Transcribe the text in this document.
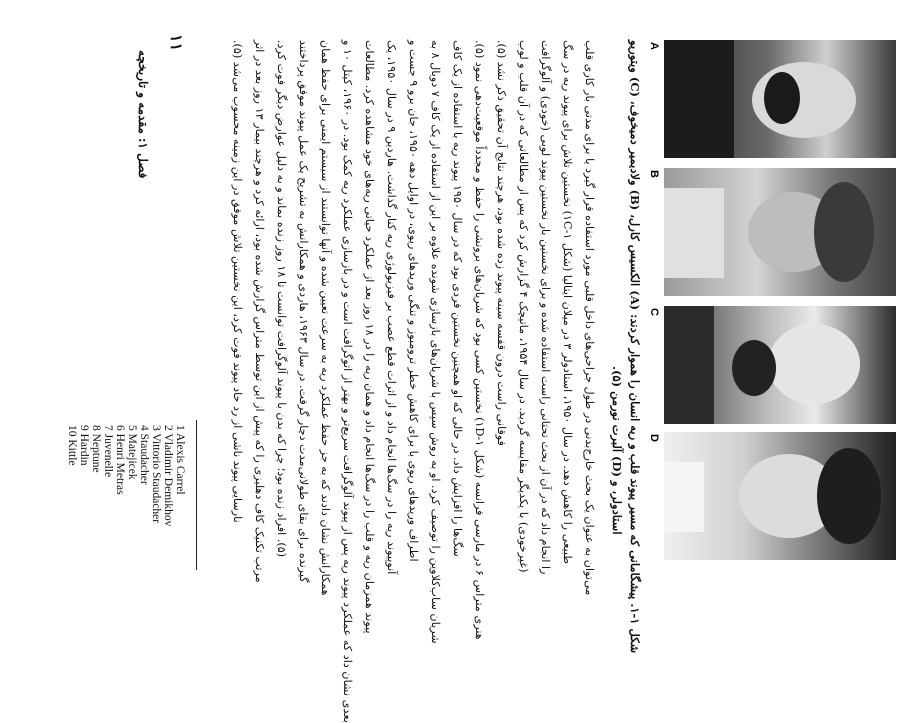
۱۱
فصل ۱: مقدمه و تاریخچه
A
B
C
D
شکل ۱-۱. پیشگامانی که مسیر پیوند قلب و ریه انسان را هموار کردند: (A) الکسیس کارل، (B) ولادیمیر دمیخوف، (C) ویتوریو
استادولر، و (D) آلبرت نورمن (۵).
می‌توان به عنوان یک بحث خارج‌بدنی در طول جراحی‌های داخل قلبی مورد استفاده قرار گیرد یا برای مدتی بار کاری قلب
طبیعی را کاهش دهد. در سال ۱۹۵۰، استادولر ۳ در میلان ایتالیا (شکل ۱-۱C) نخستین تلاش برای پیوند ریه در سگ
را انجام داد که در آن از بحث تحتانی راست استفاده شده و برای نخستین بار نخستین پیوند لوبی (خودی) و آلوگرافت
(غیرخودی) با یکدیگر مقایسه گردید. در سال ۱۹۵۴، ماتیچک ۴ گزارش کرد که پس از مطالعاتی که در آن قلب و لوب
فوقانی راست درون قفسه سینه پیوند زده شده بود، هرچند نتایج آن تحقیق ذکر نشد (۵).
هنری متراس ۶ در مارسی فرانسه (شکل ۱-۱D) نخستین کسی بود که شریان‌های برونشی را حفظ و مجدداً موقعیت‌دهی نمود (۵).
سگ‌ها را افزایش داد. در حالی که او همچنین نخستین فردی بود که در سال ۱۹۵۰ پیوند ریه با استفاده از یک کاف
شریان ساب‌کلاوین را توصیف کرد. او به روش سپس با شریان‌های بازسازی شونده علاوه بر این از استفاده از یک کاف ۷ دوبال ۸ به
اطراف وریدهای ریوی با برای کاهش خطر ترومبوز و تنگی وریدهای ریوی، در اوایل دهه ۱۹۵۰، جان برو ۹ جست و
آنوپیوند ریه را در سگ‌ها انجام داد و از اثرات قطع عصب بر فیزیولوژی ریه کنار گذاشت. هاردین ۹ در سال ۱۹۵۰، یک
پیوند همزمان ریه و قلب را در سگ‌ها انجام داد و همان ریه را در ۱۸ روز بعد از عملکرد حیاتی ریه‌های خود مشاهده کرد. مطالعات
بعدی نشان داد که عملکرد پیوند ریه پس از پیوند آلوگرافت سریع‌تر و بهتر از اتوگرافت است و در بازسازی عملکرد ریه کمک بود. در ۱۹۶۰، کیتل ۱۰ و
همکارانش نشان دادند که به جز حفظ عملکرد ریه به سرعت تعیین شده و آنها توانستند از سیستم ایمنی برای حفظ همان
گیرنده برای بقای طولانی‌مدت دچار گرفت. در سال ۱۹۶۳، هاردی و همکارانش به تشریح یک عمل پیوند موفق پرداختند
(۵). افراد زنده بود؛ چرا که بدن با پیوند آلوگرافت توانست تا ۱۸ روز زنده بماند و به دلیل عوارض دیگر فوت کرد.
مرتب تکنیک کاف دهلیزی را که پیش از این توسط متراس گزارش شده بود، ارائه کرد و هرچند بیمار ۱۳ روز بعد در اثر
نارسایی پیوند ناشی از رد حاد پیوند فوت کرد، این نخستین تلاش موفق در این زمینه محسوب می‌شد (۵).
1 Alexis Carrel
2 Vladimir Demikhov
3 Vittorio Staudacher
4 Staudacher
5 Matejicek
6 Henri Metras
7 Juvenelle
8 Neptune
9 Hardin
10 Kittle
